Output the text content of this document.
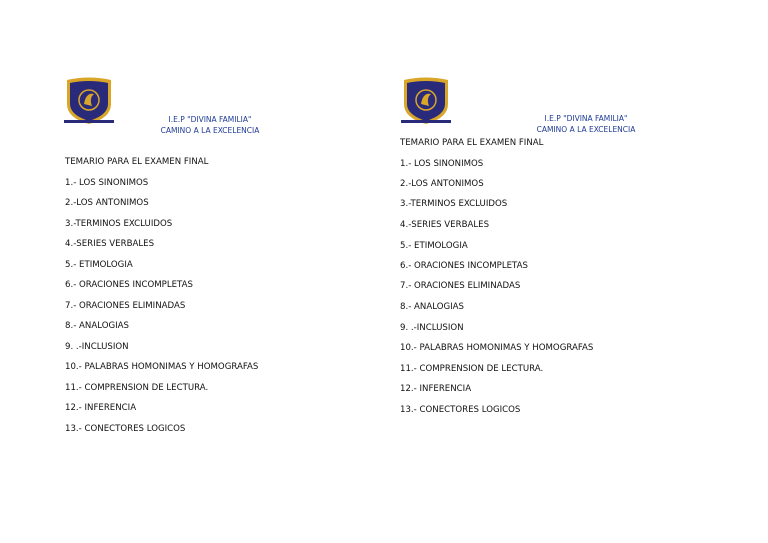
I.E.P "DIVINA FAMILIA"
CAMINO A LA EXCELENCIA
TEMARIO PARA EL EXAMEN FINAL
1.- LOS SINONIMOS
2.-LOS ANTONIMOS
3.-TERMINOS EXCLUIDOS
4.-SERIES VERBALES
5.- ETIMOLOGIA
6.- ORACIONES INCOMPLETAS
7.- ORACIONES ELIMINADAS
8.- ANALOGIAS
9. .-INCLUSION
10.- PALABRAS HOMONIMAS Y HOMOGRAFAS
11.- COMPRENSION DE LECTURA.
12.- INFERENCIA
13.- CONECTORES LOGICOS
I.E.P "DIVINA FAMILIA"
CAMINO A LA EXCELENCIA
TEMARIO PARA EL EXAMEN FINAL
1.- LOS SINONIMOS
2.-LOS ANTONIMOS
3.-TERMINOS EXCLUIDOS
4.-SERIES VERBALES
5.- ETIMOLOGIA
6.- ORACIONES INCOMPLETAS
7.- ORACIONES ELIMINADAS
8.- ANALOGIAS
9. .-INCLUSION
10.- PALABRAS HOMONIMAS Y HOMOGRAFAS
11.- COMPRENSION DE LECTURA.
12.- INFERENCIA
13.- CONECTORES LOGICOS
